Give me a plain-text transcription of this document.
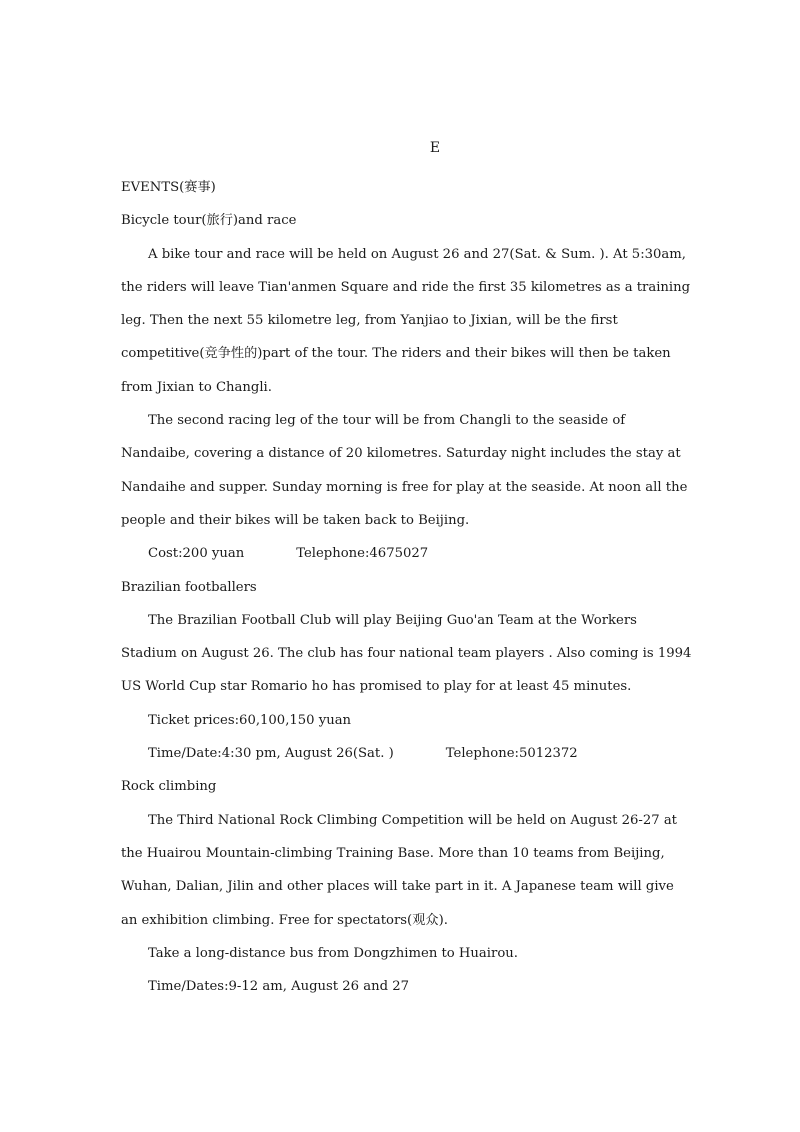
E

EVENTS(赛事)

Bicycle tour(旅行)and race

A bike tour and race will be held on August 26 and 27(Sat. & Sum. ). At 5:30am, the riders will leave Tian'anmen Square and ride the first 35 kilometres as a training leg. Then the next 55 kilometre leg, from Yanjiao to Jixian, will be the first competitive(竞争性的)part of the tour. The riders and their bikes will then be taken from Jixian to Changli.

The second racing leg of the tour will be from Changli to the seaside of Nandaibe, covering a distance of 20 kilometres. Saturday night includes the stay at Nandaihe and supper. Sunday morning is free for play at the seaside. At noon all the people and their bikes will be taken back to Beijing.

Cost:200 yuan	Telephone:4675027

Brazilian footballers

The Brazilian Football Club will play Beijing Guo'an Team at the Workers Stadium on August 26. The club has four national team players . Also coming is 1994 US World Cup star Romario ho has promised to play for at least 45 minutes.

Ticket prices:60,100,150 yuan

Time/Date:4:30 pm, August 26(Sat. )	Telephone:5012372

Rock climbing

The Third National Rock Climbing Competition will be held on August 26-27 at the Huairou Mountain-climbing Training Base. More than 10 teams from Beijing, Wuhan, Dalian, Jilin and other places will take part in it. A Japanese team will give an exhibition climbing. Free for spectators(观众).

Take a long-distance bus from Dongzhimen to Huairou.

Time/Dates:9-12 am, August 26 and 27
